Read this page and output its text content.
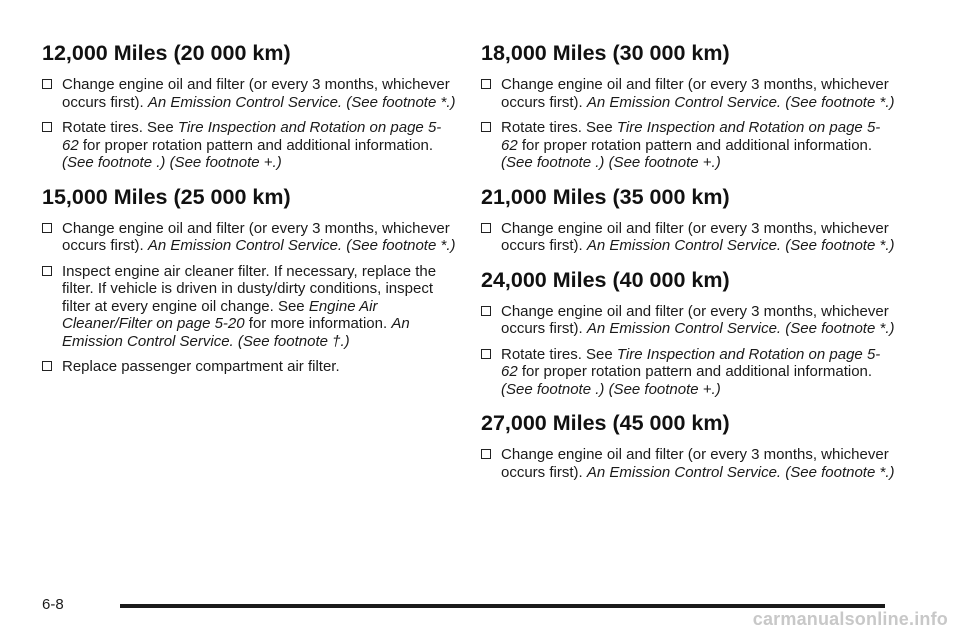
12,000 Miles (20 000 km)
Change engine oil and filter (or every 3 months, whichever occurs first). An Emission Control Service. (See footnote *.)
Rotate tires. See Tire Inspection and Rotation on page 5-62 for proper rotation pattern and additional information. (See footnote .) (See footnote +.)
15,000 Miles (25 000 km)
Change engine oil and filter (or every 3 months, whichever occurs first). An Emission Control Service. (See footnote *.)
Inspect engine air cleaner filter. If necessary, replace the filter. If vehicle is driven in dusty/dirty conditions, inspect filter at every engine oil change. See Engine Air Cleaner/Filter on page 5-20 for more information. An Emission Control Service. (See footnote †.)
Replace passenger compartment air filter.
18,000 Miles (30 000 km)
Change engine oil and filter (or every 3 months, whichever occurs first). An Emission Control Service. (See footnote *.)
Rotate tires. See Tire Inspection and Rotation on page 5-62 for proper rotation pattern and additional information. (See footnote .) (See footnote +.)
21,000 Miles (35 000 km)
Change engine oil and filter (or every 3 months, whichever occurs first). An Emission Control Service. (See footnote *.)
24,000 Miles (40 000 km)
Change engine oil and filter (or every 3 months, whichever occurs first). An Emission Control Service. (See footnote *.)
Rotate tires. See Tire Inspection and Rotation on page 5-62 for proper rotation pattern and additional information. (See footnote .) (See footnote +.)
27,000 Miles (45 000 km)
Change engine oil and filter (or every 3 months, whichever occurs first). An Emission Control Service. (See footnote *.)
6-8
carmanualsonline.info
